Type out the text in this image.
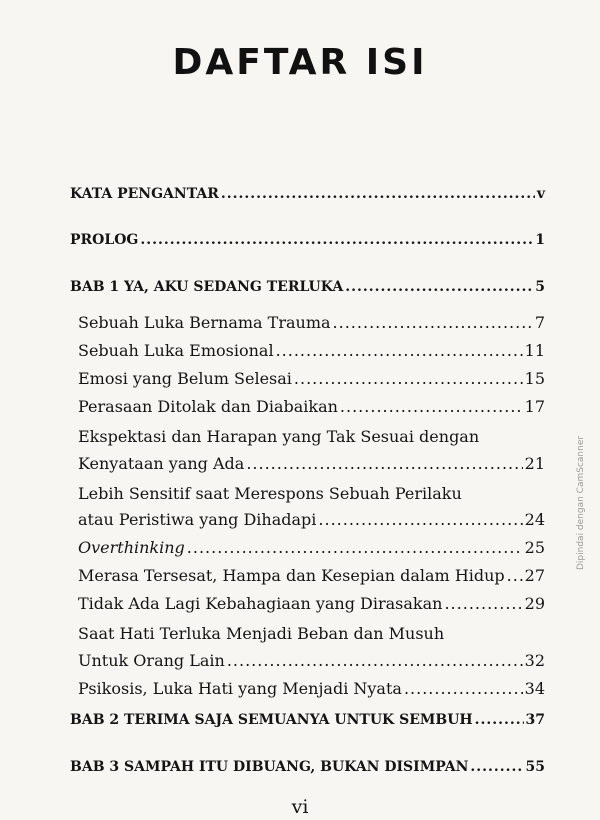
DAFTAR ISI
KATA PENGANTAR .....	v
PROLOG .....	1
BAB 1 YA, AKU SEDANG TERLUKA .....	5
Sebuah Luka Bernama Trauma .....	7
Sebuah Luka Emosional .....	11
Emosi yang Belum Selesai .....	15
Perasaan Ditolak dan Diabaikan .....	17
Ekspektasi dan Harapan yang Tak Sesuai dengan
Kenyataan yang Ada .....	21
Lebih Sensitif saat Merespons Sebuah Perilaku
atau Peristiwa yang Dihadapi .....	24
Overthinking .....	25
Merasa Tersesat, Hampa dan Kesepian dalam Hidup ..... 27
Tidak Ada Lagi Kebahagiaan yang Dirasakan .....	29
Saat Hati Terluka Menjadi Beban dan Musuh
Untuk Orang Lain .....	32
Psikosis, Luka Hati yang Menjadi Nyata .....	34
BAB 2 TERIMA SAJA SEMUANYA UNTUK SEMBUH .....	37
BAB 3 SAMPAH ITU DIBUANG, BUKAN DISIMPAN .....	55
vi
Dipindai dengan CamScanner
